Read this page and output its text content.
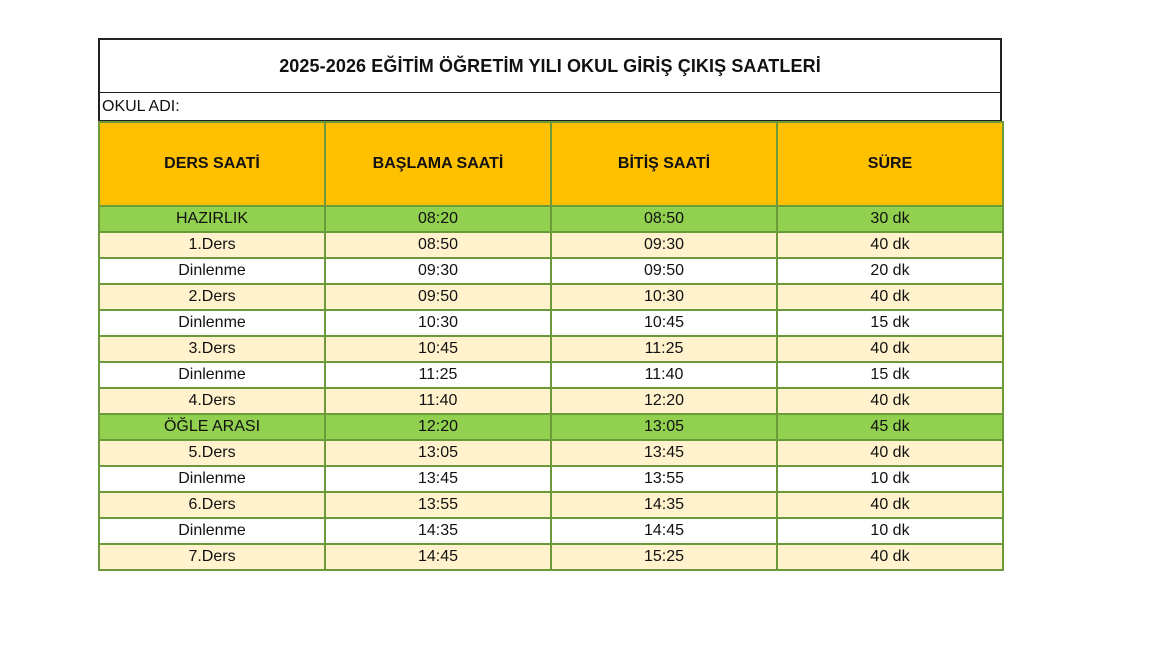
2025-2026 EĞİTİM ÖĞRETİM YILI OKUL GİRİŞ ÇIKIŞ SAATLERİ
OKUL ADI:
DERS SAATİ	BAŞLAMA SAATİ	BİTİŞ SAATİ	SÜRE
HAZIRLIK	08:20	08:50	30 dk
1.Ders	08:50	09:30	40 dk
Dinlenme	09:30	09:50	20 dk
2.Ders	09:50	10:30	40 dk
Dinlenme	10:30	10:45	15 dk
3.Ders	10:45	11:25	40 dk
Dinlenme	11:25	11:40	15 dk
4.Ders	11:40	12:20	40 dk
ÖĞLE ARASI	12:20	13:05	45 dk
5.Ders	13:05	13:45	40 dk
Dinlenme	13:45	13:55	10 dk
6.Ders	13:55	14:35	40 dk
Dinlenme	14:35	14:45	10 dk
7.Ders	14:45	15:25	40 dk
